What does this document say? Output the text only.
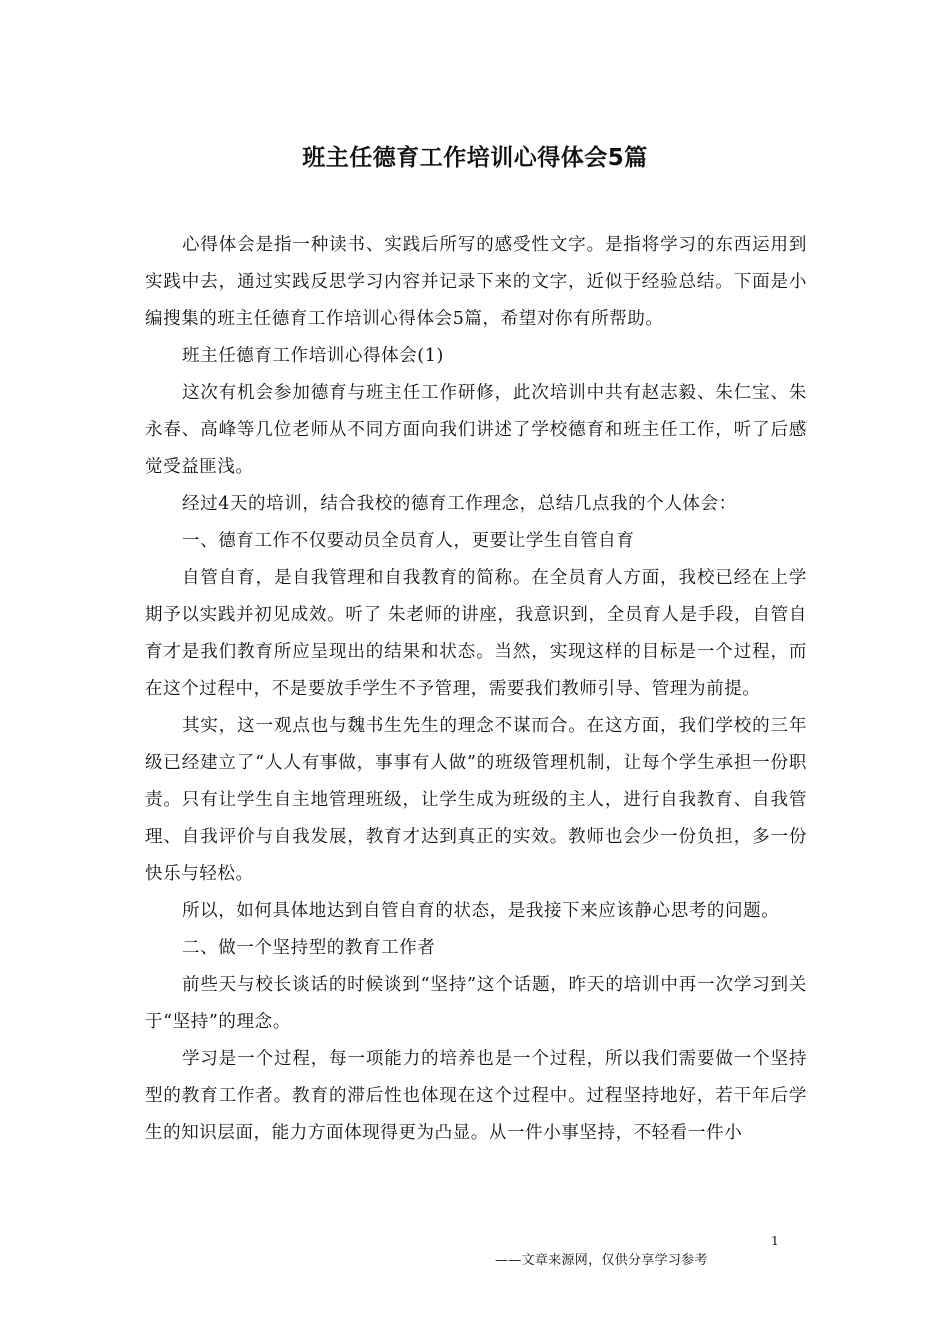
班主任德育工作培训心得体会5篇

心得体会是指一种读书、实践后所写的感受性文字。是指将学习的东西运用到实践中去，通过实践反思学习内容并记录下来的文字，近似于经验总结。下面是小编搜集的班主任德育工作培训心得体会5篇，希望对你有所帮助。

班主任德育工作培训心得体会(1)

这次有机会参加德育与班主任工作研修，此次培训中共有赵志毅、朱仁宝、朱永春、高峰等几位老师从不同方面向我们讲述了学校德育和班主任工作，听了后感觉受益匪浅。

经过4天的培训，结合我校的德育工作理念，总结几点我的个人体会：

一、德育工作不仅要动员全员育人，更要让学生自管自育

自管自育，是自我管理和自我教育的简称。在全员育人方面，我校已经在上学期予以实践并初见成效。听了 朱老师的讲座，我意识到，全员育人是手段，自管自育才是我们教育所应呈现出的结果和状态。当然，实现这样的目标是一个过程，而在这个过程中，不是要放手学生不予管理，需要我们教师引导、管理为前提。

其实，这一观点也与魏书生先生的理念不谋而合。在这方面，我们学校的三年级已经建立了“人人有事做，事事有人做”的班级管理机制，让每个学生承担一份职责。只有让学生自主地管理班级，让学生成为班级的主人，进行自我教育、自我管理、自我评价与自我发展，教育才达到真正的实效。教师也会少一份负担，多一份快乐与轻松。

所以，如何具体地达到自管自育的状态，是我接下来应该静心思考的问题。

二、做一个坚持型的教育工作者

前些天与校长谈话的时候谈到“坚持”这个话题，昨天的培训中再一次学习到关于“坚持”的理念。

学习是一个过程，每一项能力的培养也是一个过程，所以我们需要做一个坚持型的教育工作者。教育的滞后性也体现在这个过程中。过程坚持地好，若干年后学生的知识层面，能力方面体现得更为凸显。从一件小事坚持，不轻看一件小

1
——文章来源网，仅供分享学习参考
